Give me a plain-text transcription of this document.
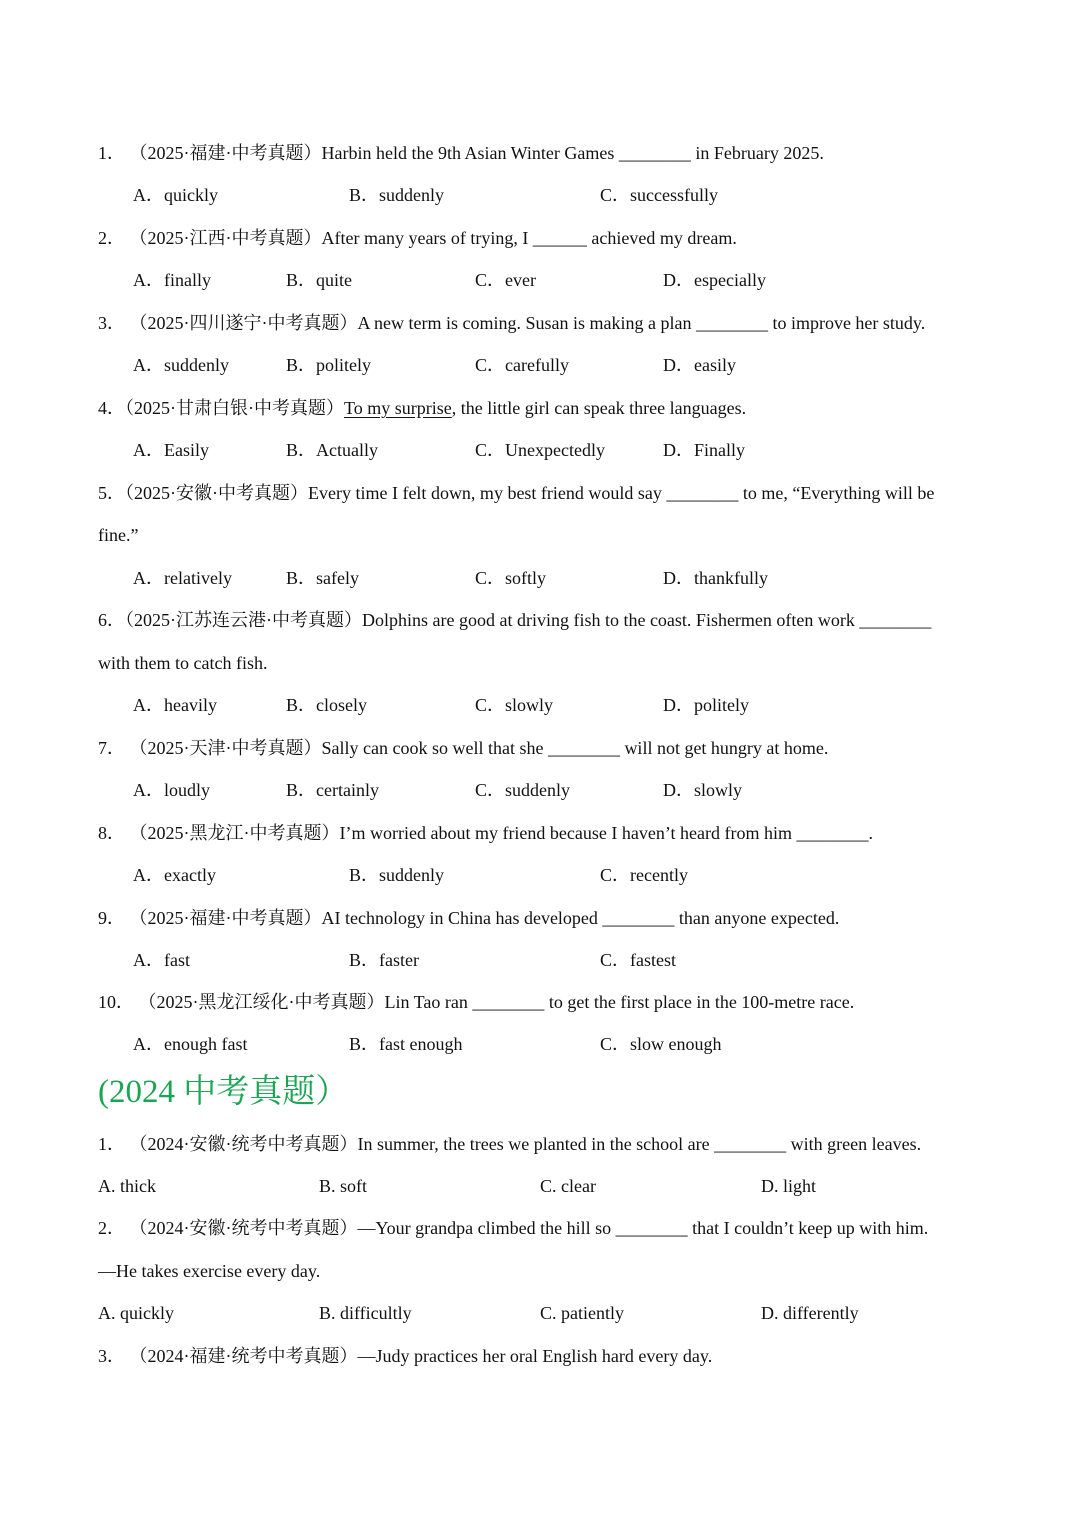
1． （2025·福建·中考真题）Harbin held the 9th Asian Winter Games ________ in February 2025.
A．quickly	B．suddenly	C．successfully
2． （2025·江西·中考真题）After many years of trying, I ______ achieved my dream.
A．finally	B．quite	C．ever	D．especially
3． （2025·四川遂宁·中考真题）A new term is coming. Susan is making a plan ________ to improve her study.
A．suddenly	B．politely	C．carefully	D．easily
4．（2025·甘肃白银·中考真题）To my surprise, the little girl can speak three languages.
A．Easily	B．Actually	C．Unexpectedly	D．Finally
5．（2025·安徽·中考真题）Every time I felt down, my best friend would say ________ to me, “Everything will be
fine.”
A．relatively	B．safely	C．softly	D．thankfully
6．（2025·江苏连云港·中考真题）Dolphins are good at driving fish to the coast. Fishermen often work ________
with them to catch fish.
A．heavily	B．closely	C．slowly	D．politely
7． （2025·天津·中考真题）Sally can cook so well that she ________ will not get hungry at home.
A．loudly	B．certainly	C．suddenly	D．slowly
8． （2025·黑龙江·中考真题）I’m worried about my friend because I haven’t heard from him ________.
A．exactly	B．suddenly	C．recently
9． （2025·福建·中考真题）AI technology in China has developed ________ than anyone expected.
A．fast	B．faster	C．fastest
10． （2025·黑龙江绥化·中考真题）Lin Tao ran ________ to get the first place in the 100-metre race.
A．enough fast	B．fast enough	C．slow enough
(2024 中考真题）
1． （2024·安徽·统考中考真题）In summer, the trees we planted in the school are ________ with green leaves.
A. thick	B. soft	C. clear	D. light
2． （2024·安徽·统考中考真题）—Your grandpa climbed the hill so ________ that I couldn’t keep up with him.
—He takes exercise every day.
A. quickly	B. difficultly	C. patiently	D. differently
3． （2024·福建·统考中考真题）—Judy practices her oral English hard every day.
